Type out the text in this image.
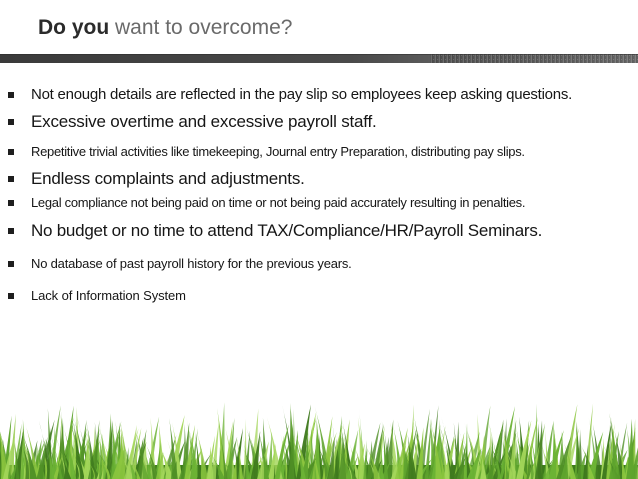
Do you want to overcome?
Not enough details are reflected in the pay slip so employees keep asking questions.
Excessive overtime and excessive payroll staff.
Repetitive trivial activities like timekeeping, Journal entry Preparation, distributing pay slips.
Endless complaints and adjustments.
Legal compliance not being paid on time or not being paid accurately resulting in penalties.
No budget or no time to attend TAX/Compliance/HR/Payroll Seminars.
No database of past payroll history for the previous years.
Lack of Information System
